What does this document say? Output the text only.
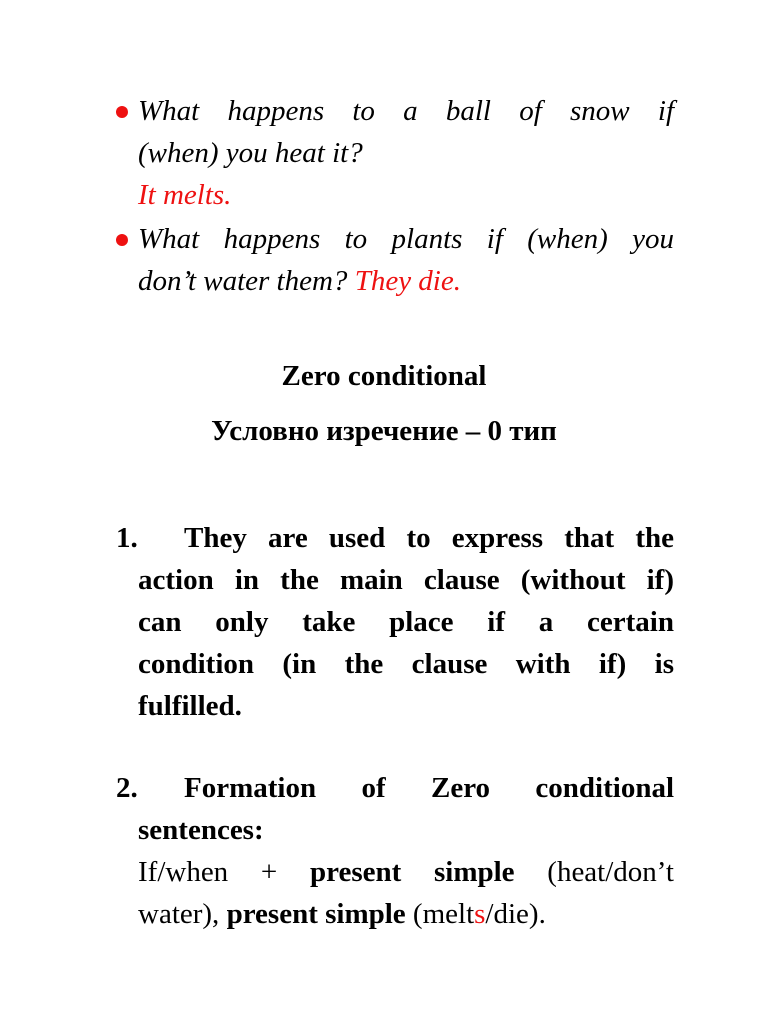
What happens to a ball of snow if
(when) you heat it?
It melts.
What happens to plants if (when) you
don’t water them? They die.
Zero conditional
Условно изречение – 0 тип
1.	They are used to express that the
action in the main clause (without if)
can only take place if a certain
condition (in the clause with if) is
fulfilled.
2.	Formation of Zero conditional
sentences:
If/when + present simple (heat/don’t
water), present simple (melts/die).
